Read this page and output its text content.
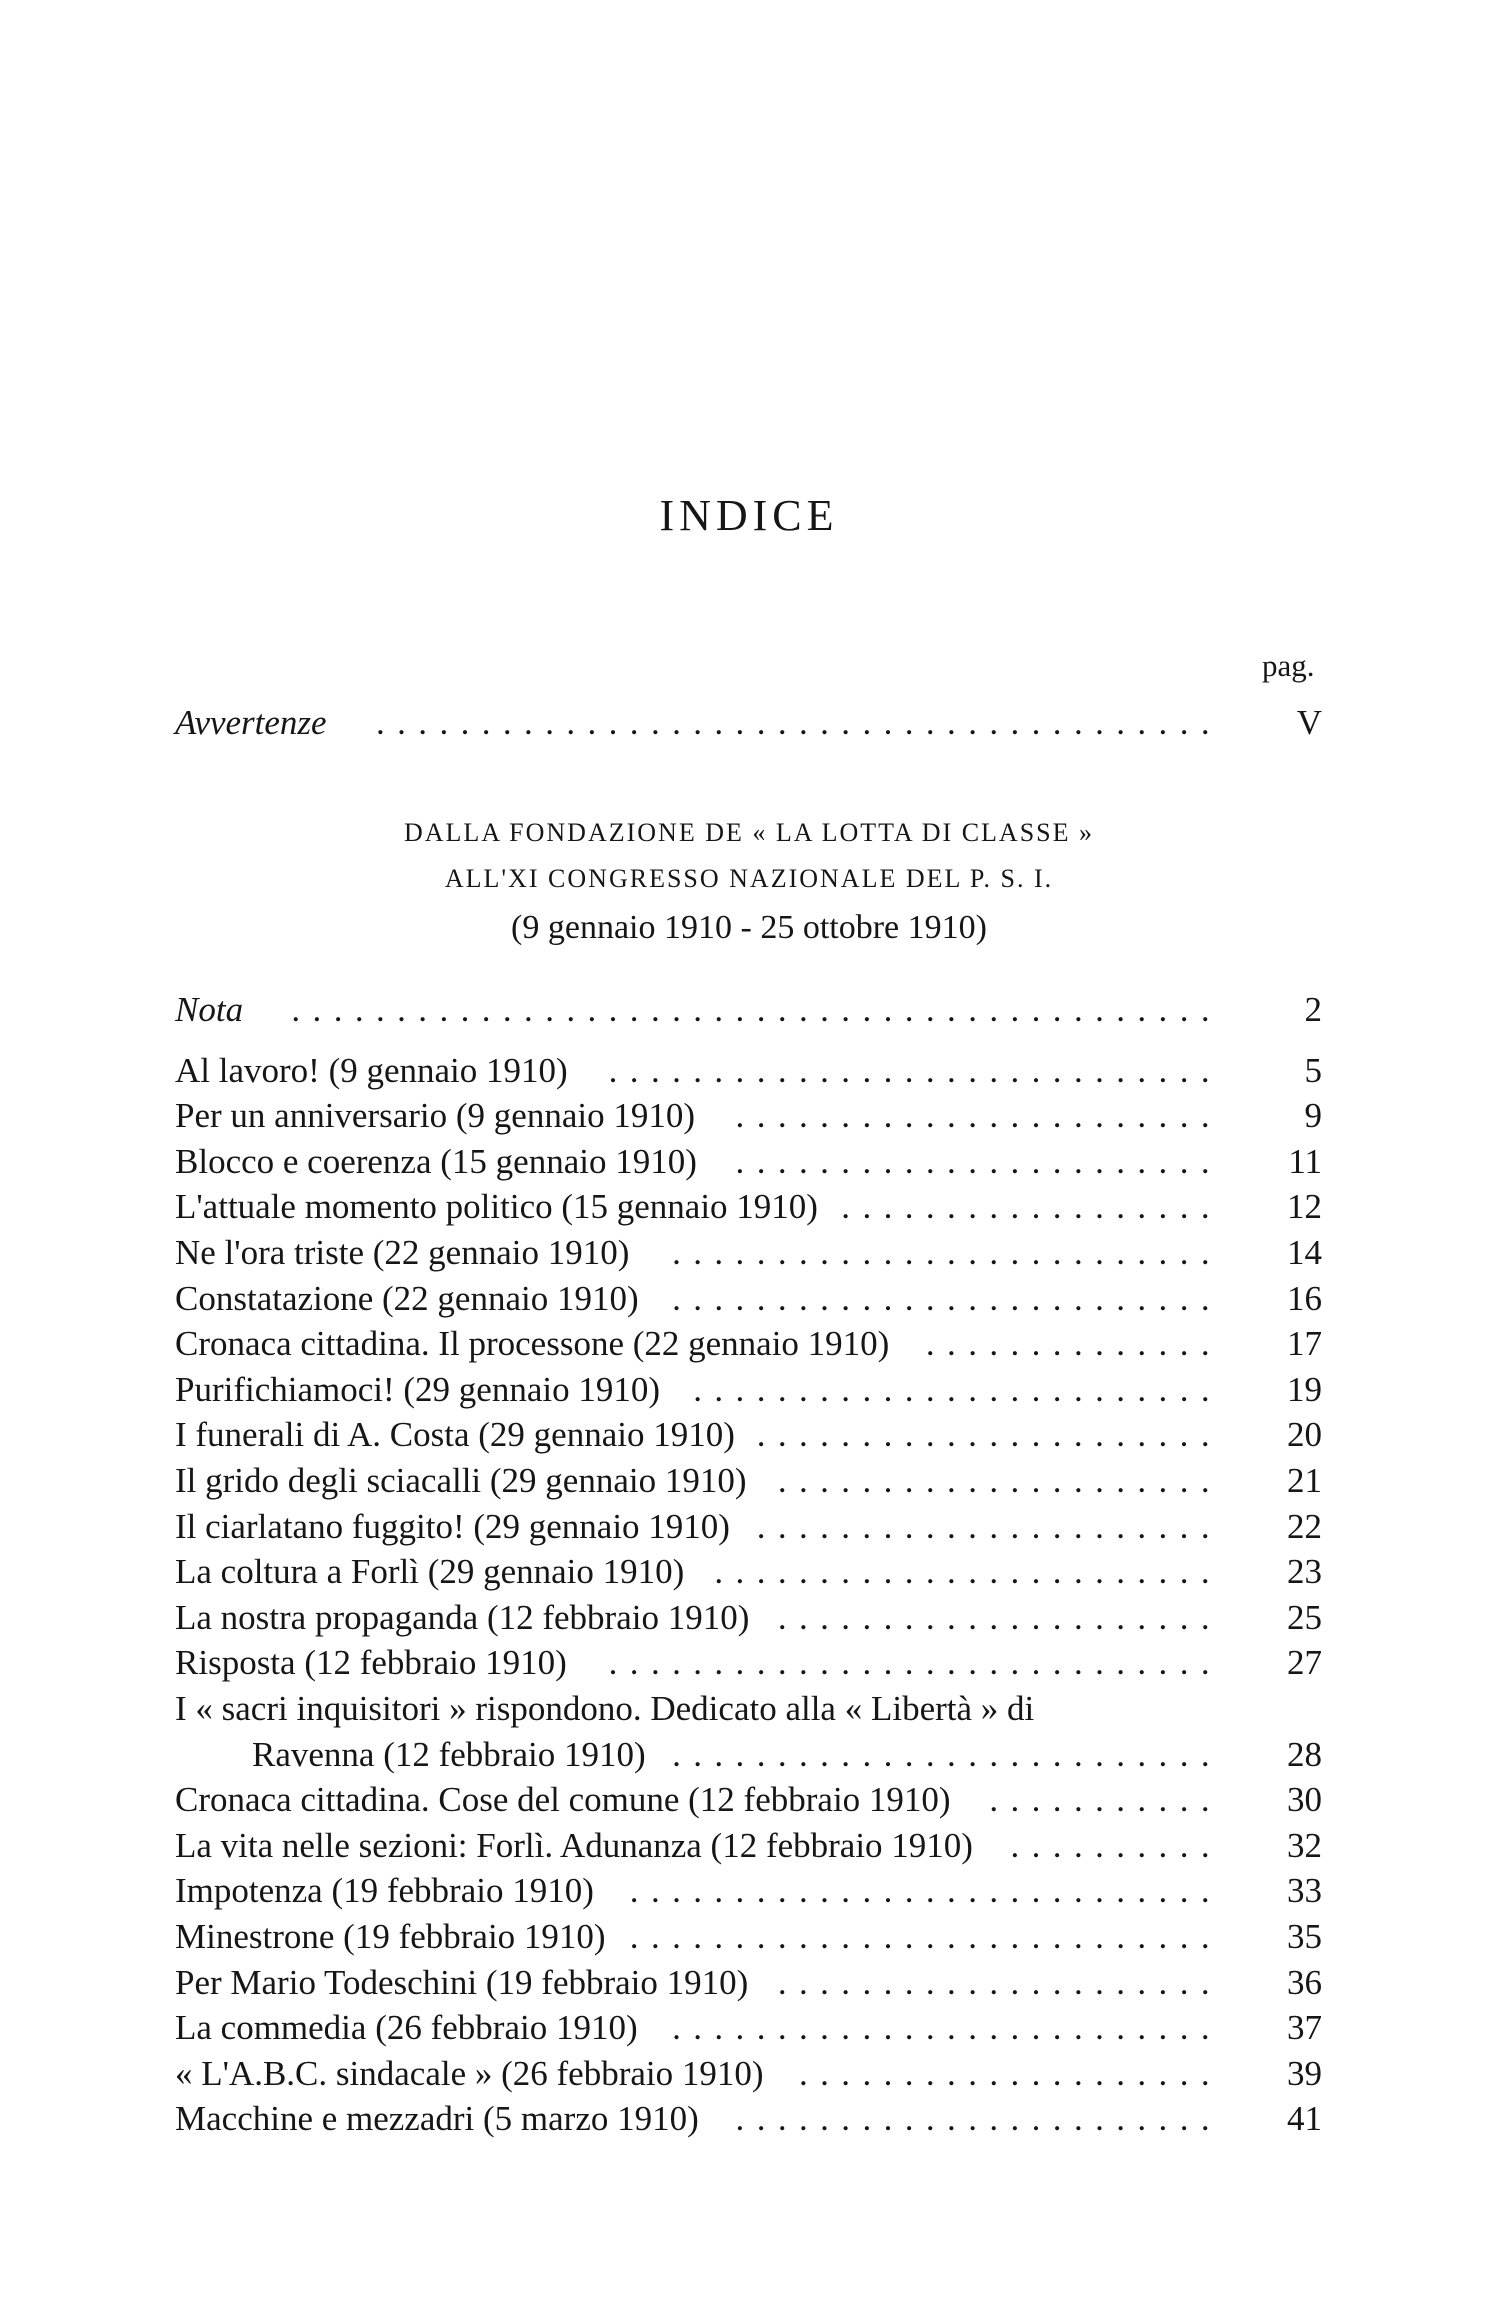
INDICE
pag.
Avvertenze ........................................ V
DALLA FONDAZIONE DE « LA LOTTA DI CLASSE »
ALL'XI CONGRESSO NAZIONALE DEL P. S. I.
(9 gennaio 1910 - 25 ottobre 1910)
Nota ............................................ 2
Al lavoro! (9 gennaio 1910) ............................. 5
Per un anniversario (9 gennaio 1910) ....................... 9
Blocco e coerenza (15 gennaio 1910) ....................... 11
L'attuale momento politico (15 gennaio 1910) .................. 12
Ne l'ora triste (22 gennaio 1910) .......................... 14
Constatazione (22 gennaio 1910) .......................... 16
Cronaca cittadina. Il processone (22 gennaio 1910) .............. 17
Purifichiamoci! (29 gennaio 1910) ......................... 19
I funerali di A. Costa (29 gennaio 1910) ...................... 20
Il grido degli sciacalli (29 gennaio 1910) ..................... 21
Il ciarlatano fuggito! (29 gennaio 1910) ...................... 22
La coltura a Forlì (29 gennaio 1910) ........................ 23
La nostra propaganda (12 febbraio 1910) ..................... 25
Risposta (12 febbraio 1910) ............................. 27
I « sacri inquisitori » rispondono. Dedicato alla « Libertà » di
Ravenna (12 febbraio 1910) .......................... 28
Cronaca cittadina. Cose del comune (12 febbraio 1910) ........... 30
La vita nelle sezioni: Forlì. Adunanza (12 febbraio 1910) .......... 32
Impotenza (19 febbraio 1910) ............................ 33
Minestrone (19 febbraio 1910) ............................ 35
Per Mario Todeschini (19 febbraio 1910) ..................... 36
La commedia (26 febbraio 1910) .......................... 37
« L'A.B.C. sindacale » (26 febbraio 1910) .................... 39
Macchine e mezzadri (5 marzo 1910) ....................... 41
